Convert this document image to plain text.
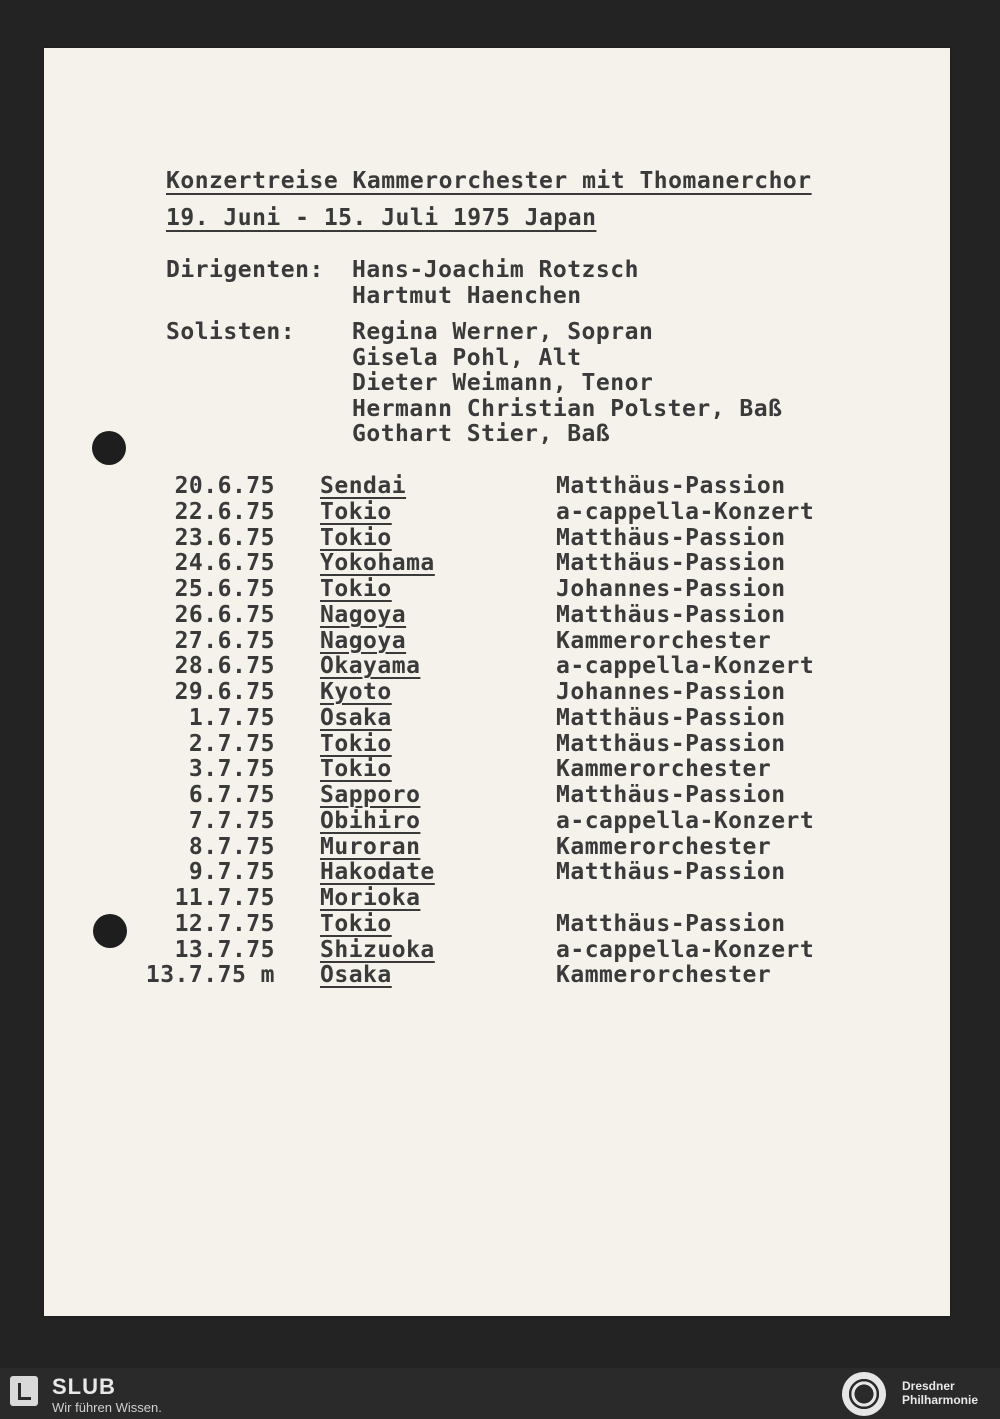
Konzertreise Kammerorchester mit Thomanerchor
19. Juni - 15. Juli 1975 Japan
Dirigenten: Hans-Joachim Rotzsch
Hartmut Haenchen
Solisten: Regina Werner, Sopran
Gisela Pohl, Alt
Dieter Weimann, Tenor
Hermann Christian Polster, Baß
Gothart Stier, Baß
20.6.75 Sendai	Matthäus-Passion
22.6.75 Tokio	a-cappella-Konzert
23.6.75 Tokio	Matthäus-Passion
24.6.75 Yokohama	Matthäus-Passion
25.6.75 Tokio	Johannes-Passion
26.6.75 Nagoya	Matthäus-Passion
27.6.75 Nagoya	Kammerorchester
28.6.75 Okayama	a-cappella-Konzert
29.6.75 Kyoto	Johannes-Passion
1.7.75 Osaka	Matthäus-Passion
2.7.75 Tokio	Matthäus-Passion
3.7.75 Tokio	Kammerorchester
6.7.75 Sapporo	Matthäus-Passion
7.7.75 Obihiro	a-cappella-Konzert
8.7.75 Muroran	Kammerorchester
9.7.75 Hakodate	Matthäus-Passion
11.7.75 Morioka
12.7.75 Tokio	Matthäus-Passion
13.7.75 Shizuoka	a-cappella-Konzert
13.7.75 m Osaka	Kammerorchester
SLUB
Wir führen Wissen.
Dresdner
Philharmonie
